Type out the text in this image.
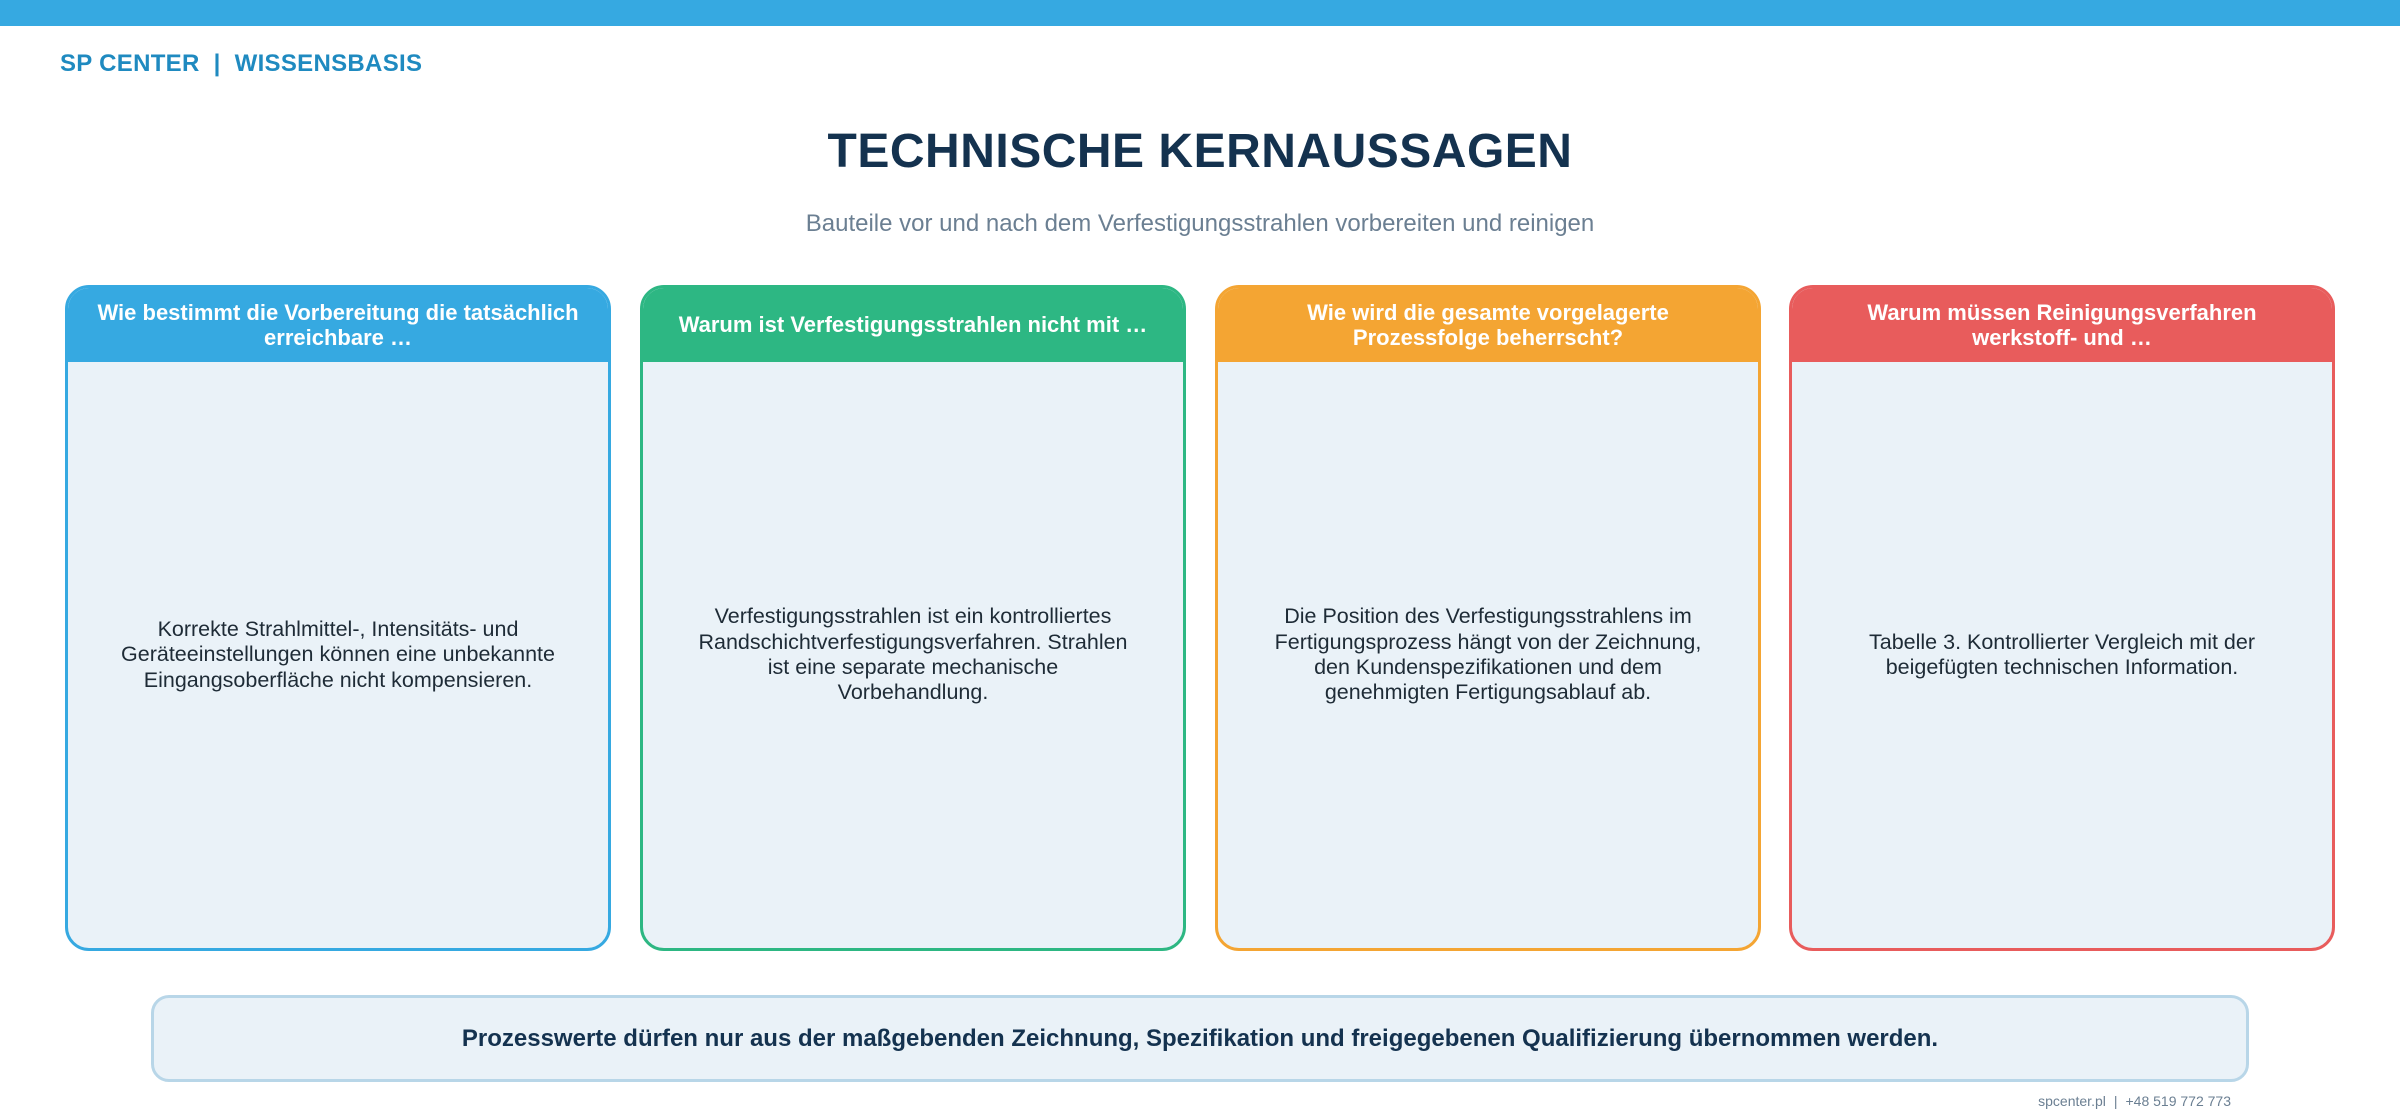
SP CENTER | WISSENSBASIS
TECHNISCHE KERNAUSSAGEN
Bauteile vor und nach dem Verfestigungsstrahlen vorbereiten und reinigen
Wie bestimmt die Vorbereitung die tatsächlich erreichbare …
Korrekte Strahlmittel-, Intensitäts- und Geräteeinstellungen können eine unbekannte Eingangsoberfläche nicht kompensieren.
Warum ist Verfestigungsstrahlen nicht mit …
Verfestigungsstrahlen ist ein kontrolliertes Randschichtverfestigungsverfahren. Strahlen ist eine separate mechanische Vorbehandlung.
Wie wird die gesamte vorgelagerte Prozessfolge beherrscht?
Die Position des Verfestigungsstrahlens im Fertigungsprozess hängt von der Zeichnung, den Kundenspezifikationen und dem genehmigten Fertigungsablauf ab.
Warum müssen Reinigungsverfahren werkstoff- und …
Tabelle 3. Kontrollierter Vergleich mit der beigefügten technischen Information.
Prozesswerte dürfen nur aus der maßgebenden Zeichnung, Spezifikation und freigegebenen Qualifizierung übernommen werden.
spcenter.pl | +48 519 772 773
